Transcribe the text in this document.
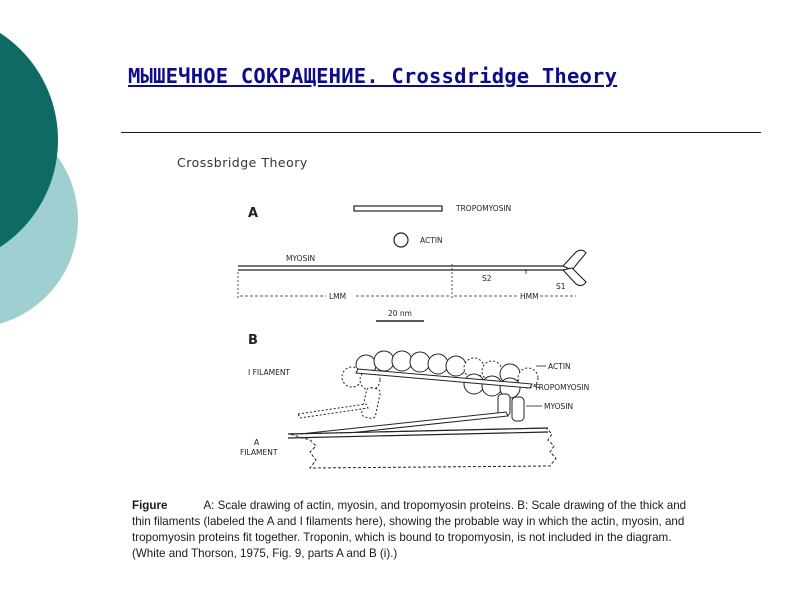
МЫШЕЧНОЕ СОКРАЩЕНИЕ. Crossdridge Theory
Crossbridge Theory
A	TROPOMYOSIN
ACTIN
MYOSIN
S2
S1
LMM	HMM
20 nm
B
I FILAMENT
A
FILAMENT
ACTIN
TROPOMYOSIN
MYOSIN
Figure	A: Scale drawing of actin, myosin, and tropomyosin proteins. B: Scale drawing of the thick and thin filaments (labeled the A and I filaments here), showing the probable way in which the actin, myosin, and tropomyosin proteins fit together. Troponin, which is bound to tropomyosin, is not included in the diagram. (White and Thorson, 1975, Fig. 9, parts A and B (i).)
